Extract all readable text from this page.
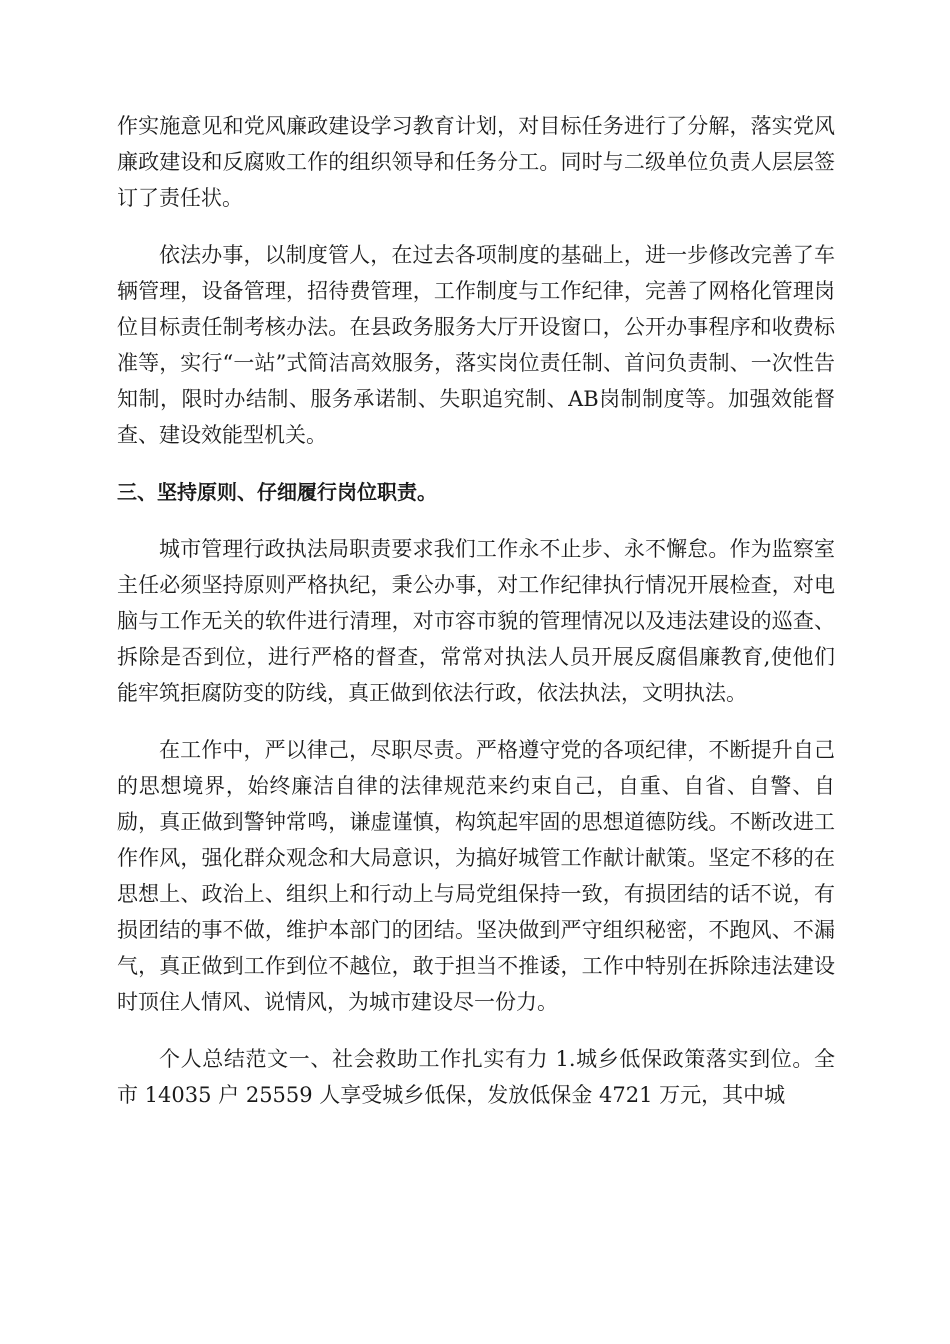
作实施意见和党风廉政建设学习教育计划，对目标任务进行了分解，落实党风廉政建设和反腐败工作的组织领导和任务分工。同时与二级单位负责人层层签订了责任状。

依法办事，以制度管人，在过去各项制度的基础上，进一步修改完善了车辆管理，设备管理，招待费管理，工作制度与工作纪律，完善了网格化管理岗位目标责任制考核办法。在县政务服务大厅开设窗口，公开办事程序和收费标准等，实行“一站”式简洁高效服务，落实岗位责任制、首问负责制、一次性告知制，限时办结制、服务承诺制、失职追究制、AB岗制制度等。加强效能督查、建设效能型机关。

三、坚持原则、仔细履行岗位职责。

城市管理行政执法局职责要求我们工作永不止步、永不懈怠。作为监察室主任必须坚持原则严格执纪，秉公办事，对工作纪律执行情况开展检查，对电脑与工作无关的软件进行清理，对市容市貌的管理情况以及违法建设的巡查、拆除是否到位，进行严格的督查，常常对执法人员开展反腐倡廉教育,使他们能牢筑拒腐防变的防线，真正做到依法行政，依法执法，文明执法。

在工作中，严以律己，尽职尽责。严格遵守党的各项纪律，不断提升自己的思想境界，始终廉洁自律的法律规范来约束自己，自重、自省、自警、自励，真正做到警钟常鸣，谦虚谨慎，构筑起牢固的思想道德防线。不断改进工作作风，强化群众观念和大局意识，为搞好城管工作献计献策。坚定不移的在思想上、政治上、组织上和行动上与局党组保持一致，有损团结的话不说，有损团结的事不做，维护本部门的团结。坚决做到严守组织秘密，不跑风、不漏气，真正做到工作到位不越位，敢于担当不推诿，工作中特别在拆除违法建设时顶住人情风、说情风，为城市建设尽一份力。

个人总结范文一、社会救助工作扎实有力 1.城乡低保政策落实到位。全市 14035 户 25559 人享受城乡低保，发放低保金 4721 万元，其中城
